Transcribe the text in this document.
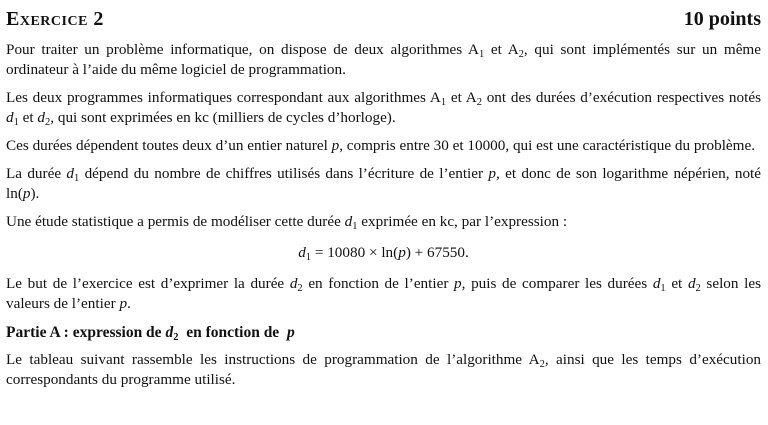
Exercice 2	10 points

Pour traiter un problème informatique, on dispose de deux algorithmes $A_1$ et $A_2$, qui sont implémentés sur un même ordinateur à l’aide du même logiciel de programmation.

Les deux programmes informatiques correspondant aux algorithmes $A_1$ et $A_2$ ont des durées d’exécution respectives notés $d_1$ et $d_2$, qui sont exprimées en kc (milliers de cycles d’horloge).

Ces durées dépendent toutes deux d’un entier naturel p, compris entre 30 et 10000, qui est une caractéristique du problème.

La durée $d_1$ dépend du nombre de chiffres utilisés dans l’écriture de l’entier p, et donc de son logarithme népérien, noté ln(p).

Une étude statistique a permis de modéliser cette durée $d_1$ exprimée en kc, par l’expression :

$d_1 = 10080 \times \ln(p) + 67550$.

Le but de l’exercice est d’exprimer la durée $d_2$ en fonction de l’entier p, puis de comparer les durées $d_1$ et $d_2$ selon les valeurs de l’entier p.

Partie A : expression de $d_2$  en fonction de  p

Le tableau suivant rassemble les instructions de programmation de l’algorithme $A_2$, ainsi que les temps d’exécution correspondants du programme utilisé.
